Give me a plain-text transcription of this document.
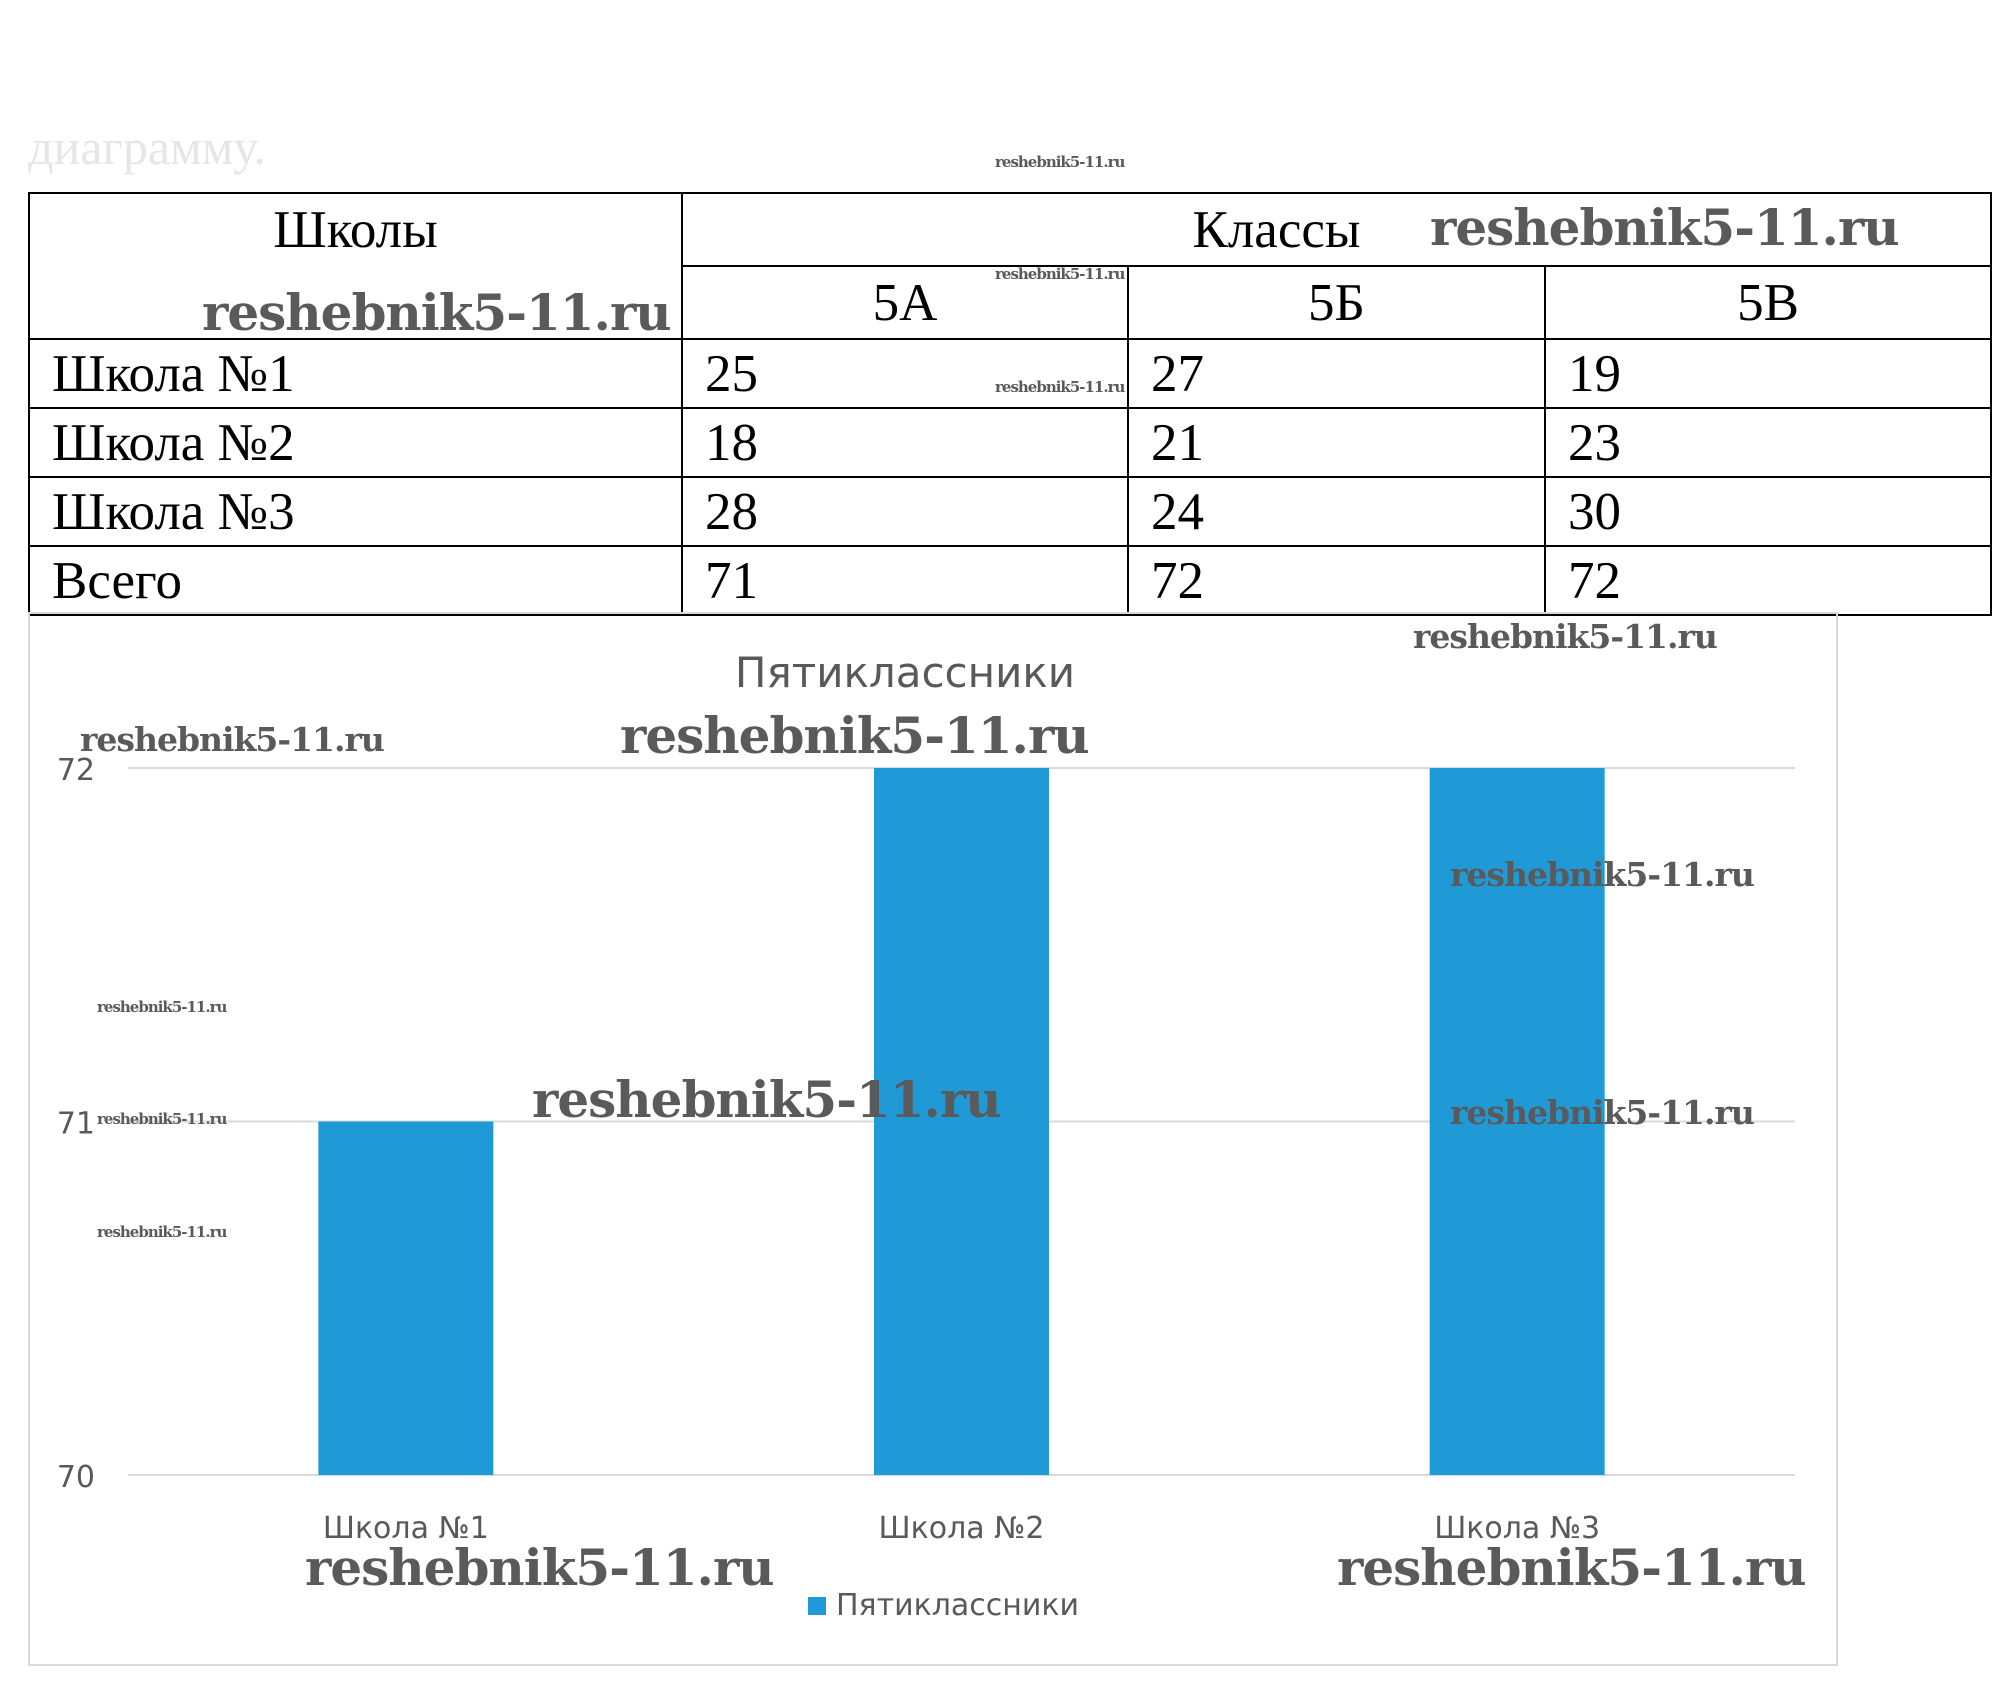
диаграмму.
Школы	Классы		
	5А	5Б	5В
Школа №1	25	27	19
Школа №2	18	21	23
Школа №3	28	24	30
Всего	71	72	72
Пятиклассники
70
71
72
Школа №1	Школа №2	Школа №3
Пятиклассники
reshebnik5-11.ru
reshebnik5-11.ru
reshebnik5-11.ru
reshebnik5-11.ru
reshebnik5-11.ru
reshebnik5-11.ru
reshebnik5-11.ru	reshebnik5-11.ru
reshebnik5-11.ru
reshebnik5-11.ru
reshebnik5-11.ru	reshebnik5-11.ru	reshebnik5-11.ru
reshebnik5-11.ru
reshebnik5-11.ru	reshebnik5-11.ru
